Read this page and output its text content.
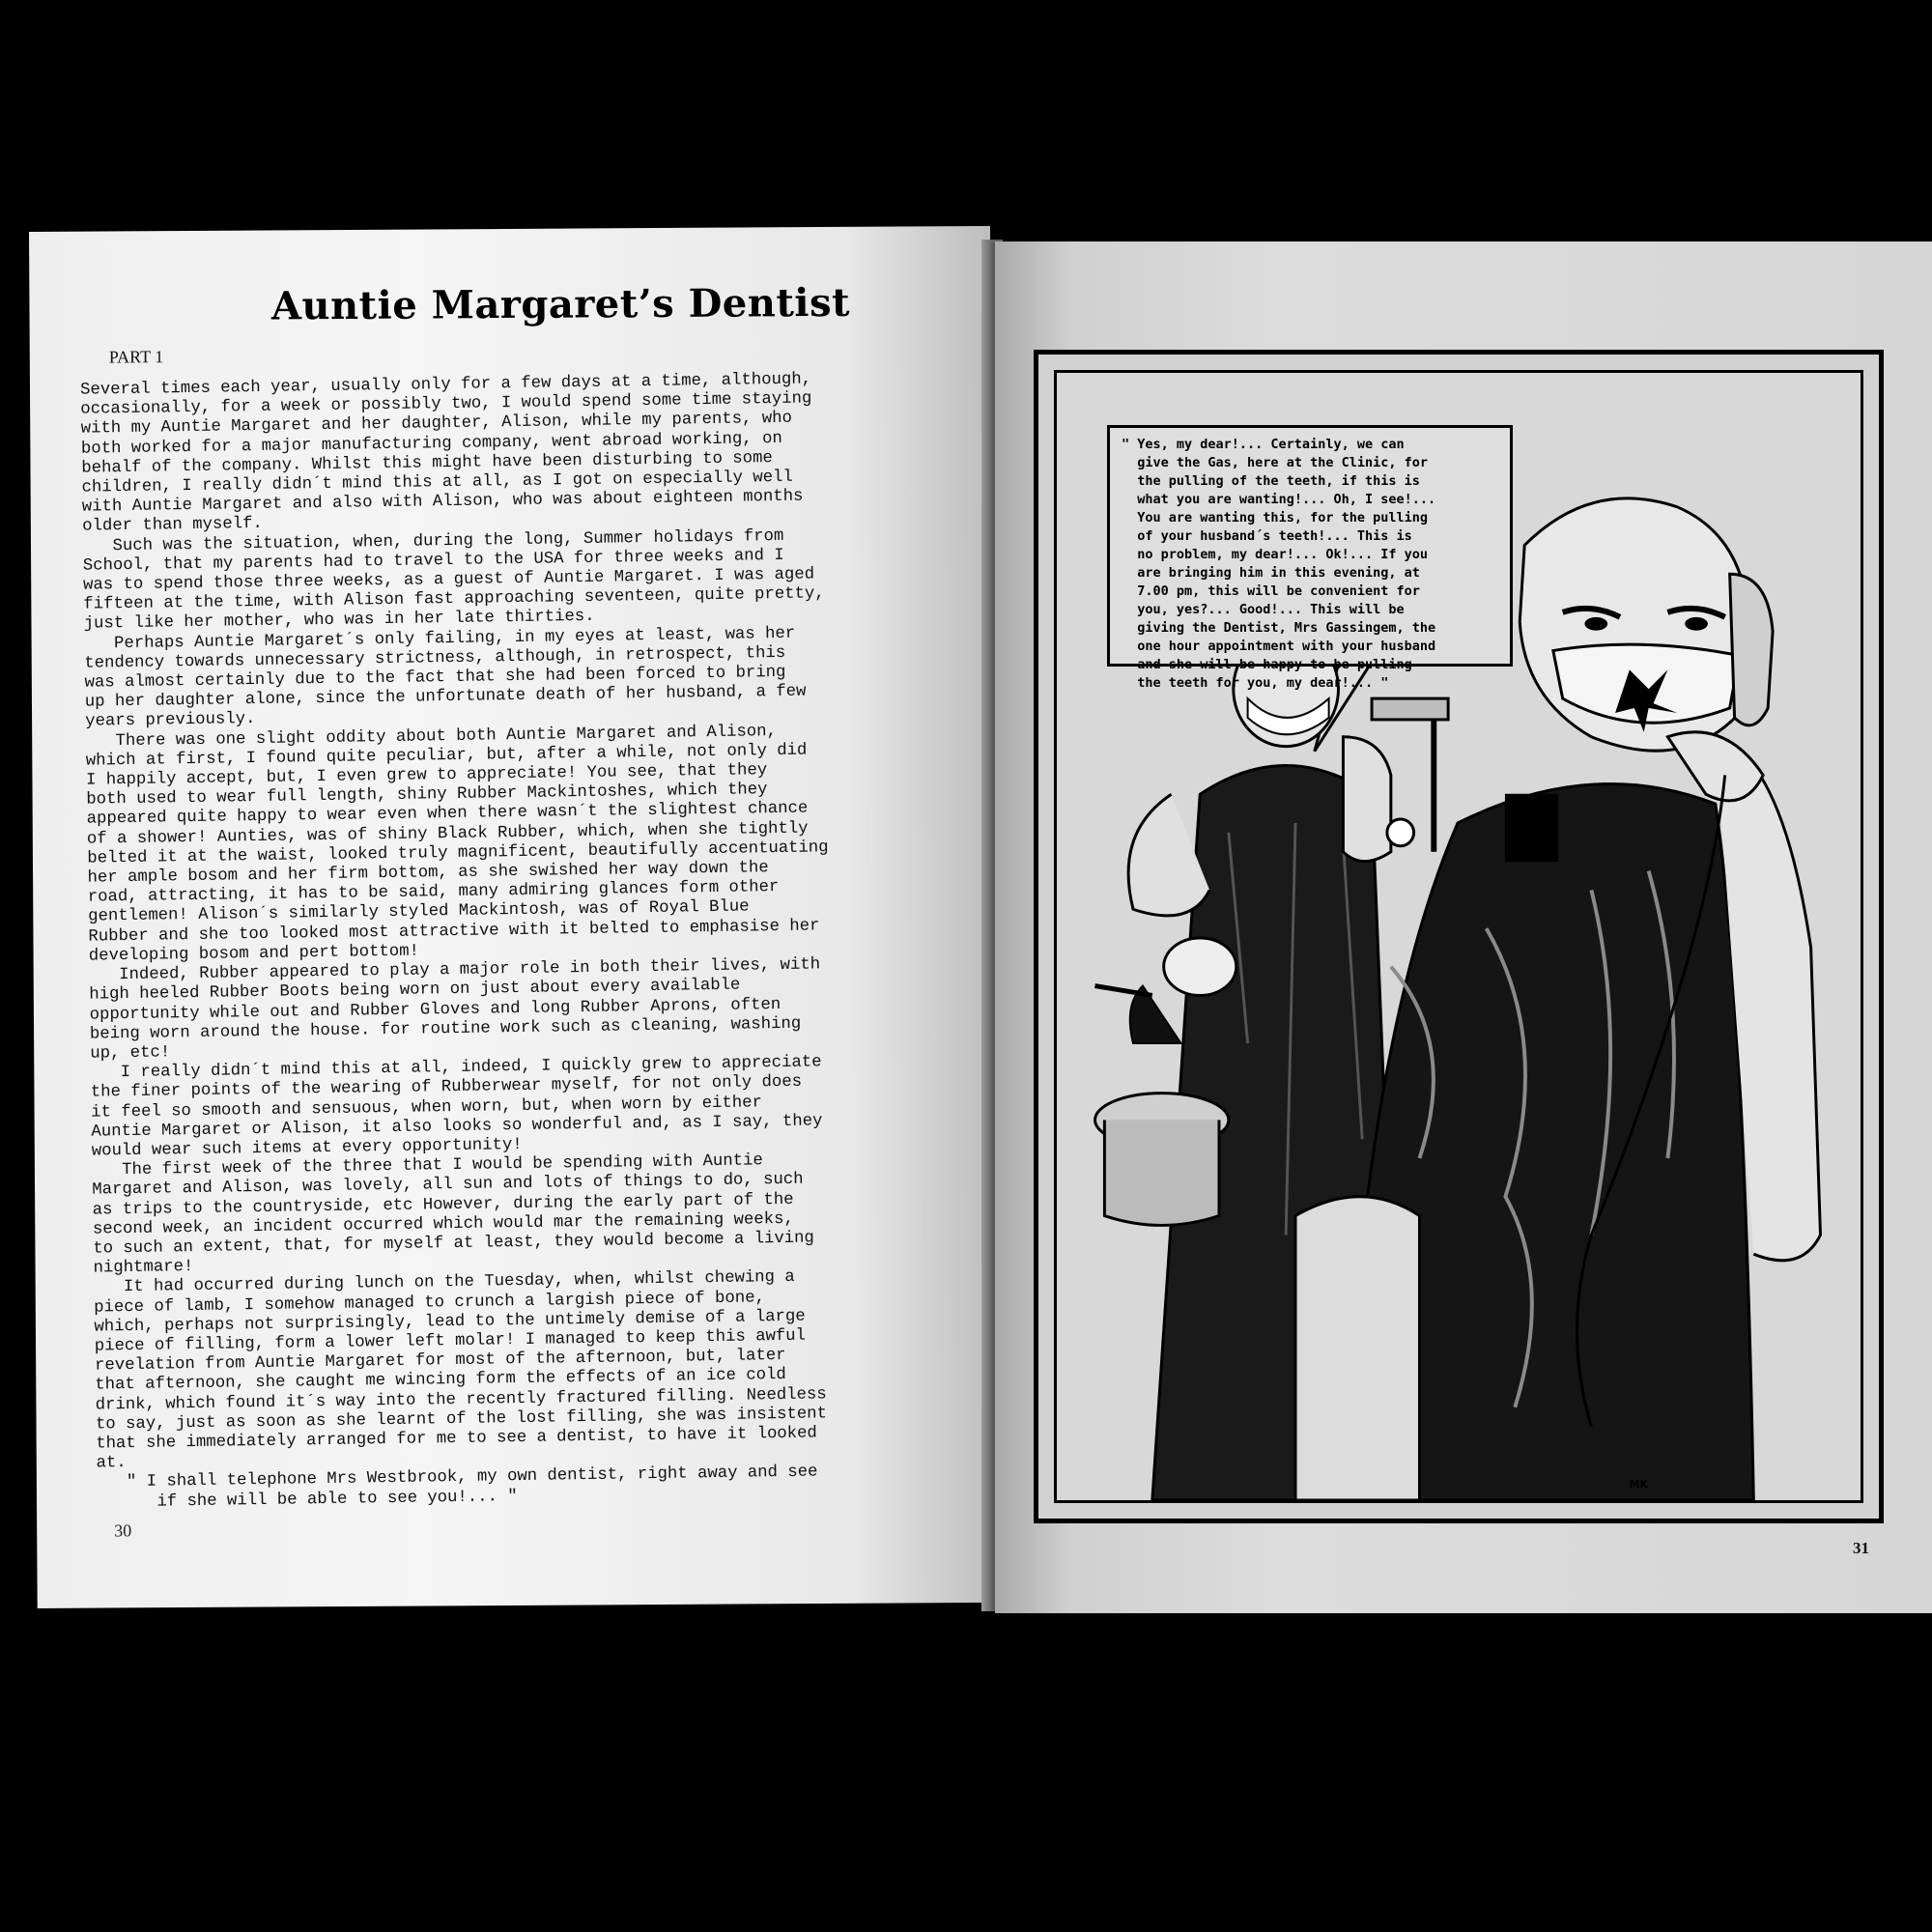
Auntie Margaret’s Dentist
PART 1
Several times each year, usually only for a few days at a time, although,
occasionally, for a week or possibly two, I would spend some time staying
with my Auntie Margaret and her daughter, Alison, while my parents, who
both worked for a major manufacturing company, went abroad working, on
behalf of the company. Whilst this might have been disturbing to some
children, I really didn´t mind this at all, as I got on especially well
with Auntie Margaret and also with Alison, who was about eighteen months
older than myself.
Such was the situation, when, during the long, Summer holidays from
School, that my parents had to travel to the USA for three weeks and I
was to spend those three weeks, as a guest of Auntie Margaret. I was aged
fifteen at the time, with Alison fast approaching seventeen, quite pretty,
just like her mother, who was in her late thirties.
Perhaps Auntie Margaret´s only failing, in my eyes at least, was her
tendency towards unnecessary strictness, although, in retrospect, this
was almost certainly due to the fact that she had been forced to bring
up her daughter alone, since the unfortunate death of her husband, a few
years previously.
There was one slight oddity about both Auntie Margaret and Alison,
which at first, I found quite peculiar, but, after a while, not only did
I happily accept, but, I even grew to appreciate! You see, that they
both used to wear full length, shiny Rubber Mackintoshes, which they
appeared quite happy to wear even when there wasn´t the slightest chance
of a shower! Aunties, was of shiny Black Rubber, which, when she tightly
belted it at the waist, looked truly magnificent, beautifully accentuating
her ample bosom and her firm bottom, as she swished her way down the
road, attracting, it has to be said, many admiring glances form other
gentlemen! Alison´s similarly styled Mackintosh, was of Royal Blue
Rubber and she too looked most attractive with it belted to emphasise her
developing bosom and pert bottom!
Indeed, Rubber appeared to play a major role in both their lives, with
high heeled Rubber Boots being worn on just about every available
opportunity while out and Rubber Gloves and long Rubber Aprons, often
being worn around the house. for routine work such as cleaning, washing
up, etc!
I really didn´t mind this at all, indeed, I quickly grew to appreciate
the finer points of the wearing of Rubberwear myself, for not only does
it feel so smooth and sensuous, when worn, but, when worn by either
Auntie Margaret or Alison, it also looks so wonderful and, as I say, they
would wear such items at every opportunity!
The first week of the three that I would be spending with Auntie
Margaret and Alison, was lovely, all sun and lots of things to do, such
as trips to the countryside, etc However, during the early part of the
second week, an incident occurred which would mar the remaining weeks,
to such an extent, that, for myself at least, they would become a living
nightmare!
It had occurred during lunch on the Tuesday, when, whilst chewing a
piece of lamb, I somehow managed to crunch a largish piece of bone,
which, perhaps not surprisingly, lead to the untimely demise of a large
piece of filling, form a lower left molar! I managed to keep this awful
revelation from Auntie Margaret for most of the afternoon, but, later
that afternoon, she caught me wincing form the effects of an ice cold
drink, which found it´s way into the recently fractured filling. Needless
to say, just as soon as she learnt of the lost filling, she was insistent
that she immediately arranged for me to see a dentist, to have it looked
at.
" I shall telephone Mrs Westbrook, my own dentist, right away and see
if she will be able to see you!... "
30
" Yes, my dear!... Certainly, we can
give the Gas, here at the Clinic, for
the pulling of the teeth, if this is
what you are wanting!... Oh, I see!...
You are wanting this, for the pulling
of your husband´s teeth!... This is
no problem, my dear!... Ok!... If you
are bringing him in this evening, at
7.00 pm, this will be convenient for
you, yes?... Good!... This will be
giving the Dentist, Mrs Gassingem, the
one hour appointment with your husband
and she will be happy to be pulling
the teeth for you, my dear!... "
MK
31
